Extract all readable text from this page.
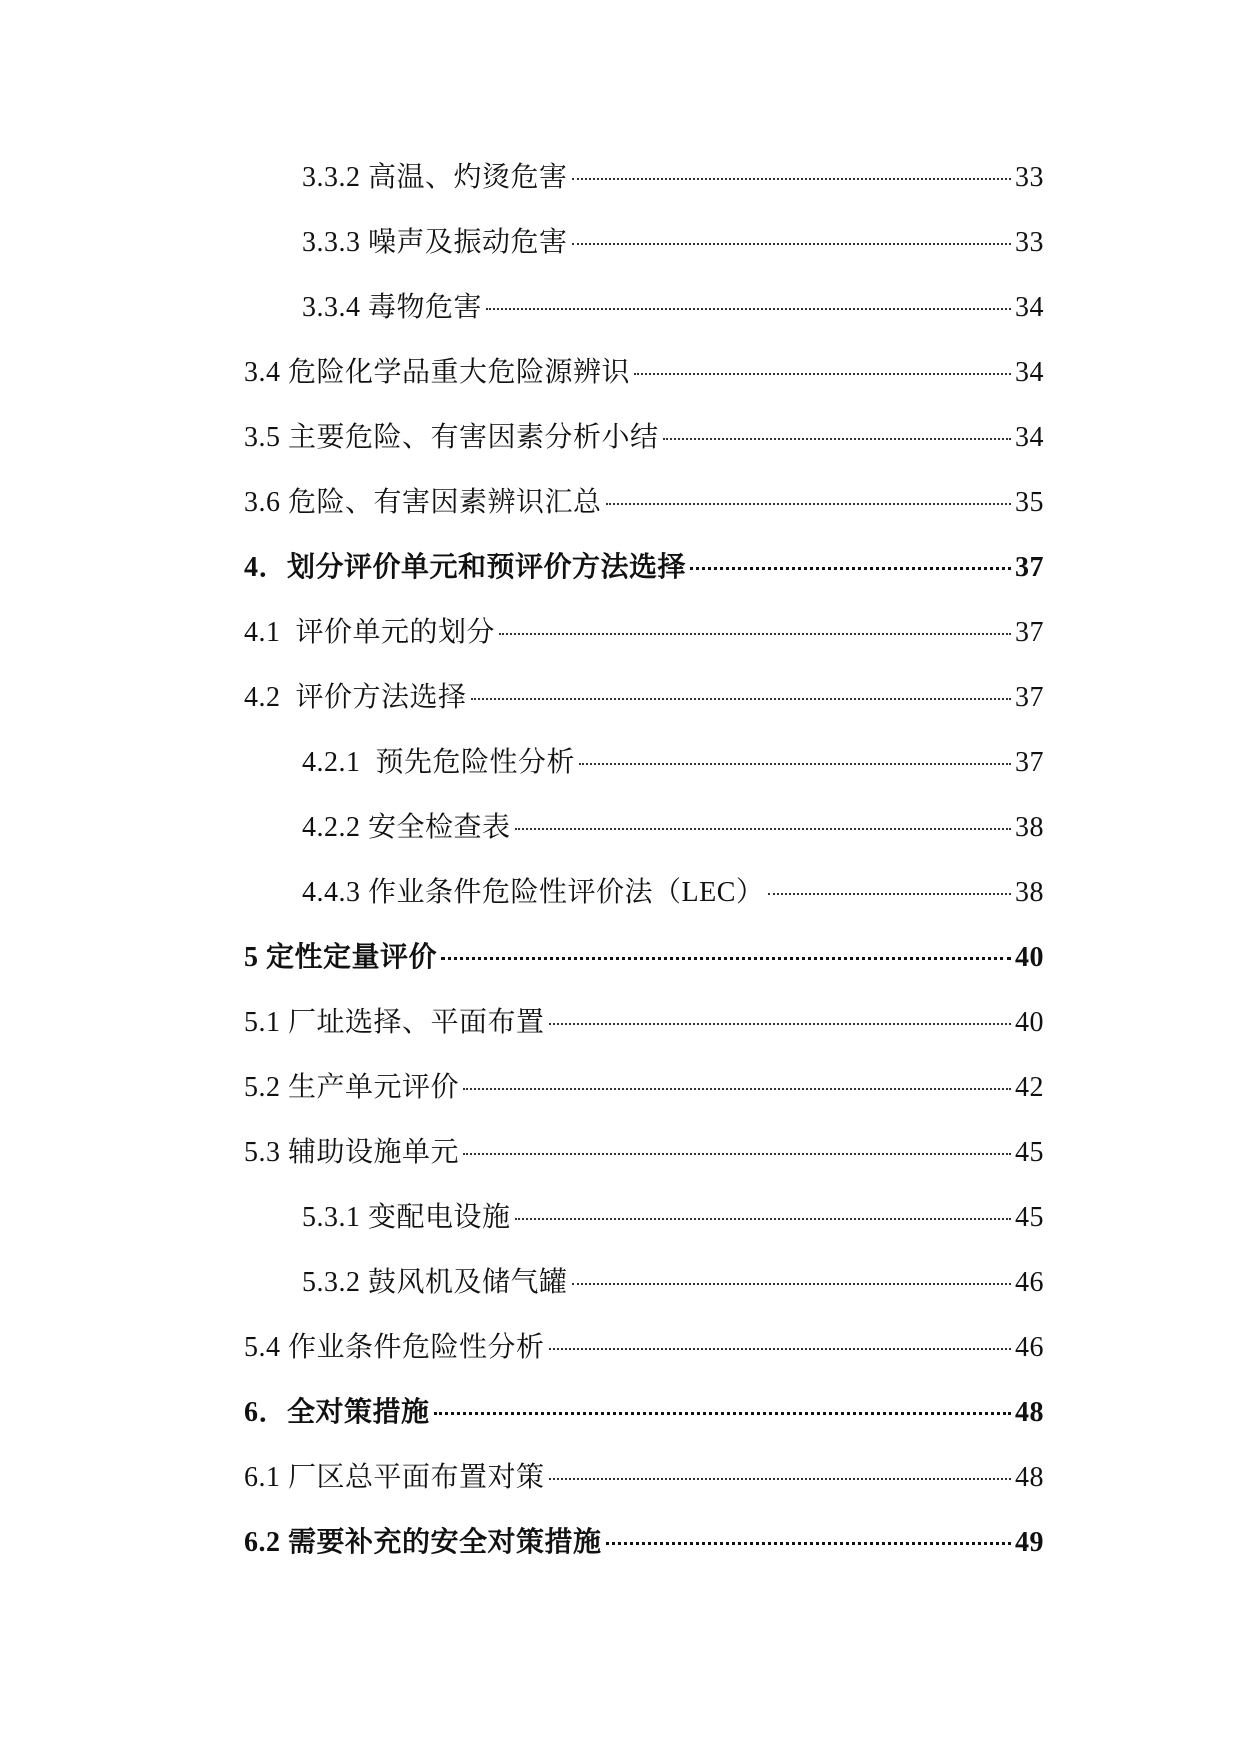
3.3.2 高温、灼烫危害	33
3.3.3 噪声及振动危害	33
3.3.4 毒物危害	34
3.4 危险化学品重大危险源辨识	34
3.5 主要危险、有害因素分析小结	34
3.6 危险、有害因素辨识汇总	35
4．划分评价单元和预评价方法选择	37
4.1  评价单元的划分	37
4.2  评价方法选择	37
4.2.1  预先危险性分析	37
4.2.2 安全检查表	38
4.4.3 作业条件危险性评价法（LEC）	38
5 定性定量评价	40
5.1 厂址选择、平面布置	40
5.2 生产单元评价	42
5.3 辅助设施单元	45
5.3.1 变配电设施	45
5.3.2 鼓风机及储气罐	46
5.4 作业条件危险性分析	46
6．全对策措施	48
6.1 厂区总平面布置对策	48
6.2 需要补充的安全对策措施	49
